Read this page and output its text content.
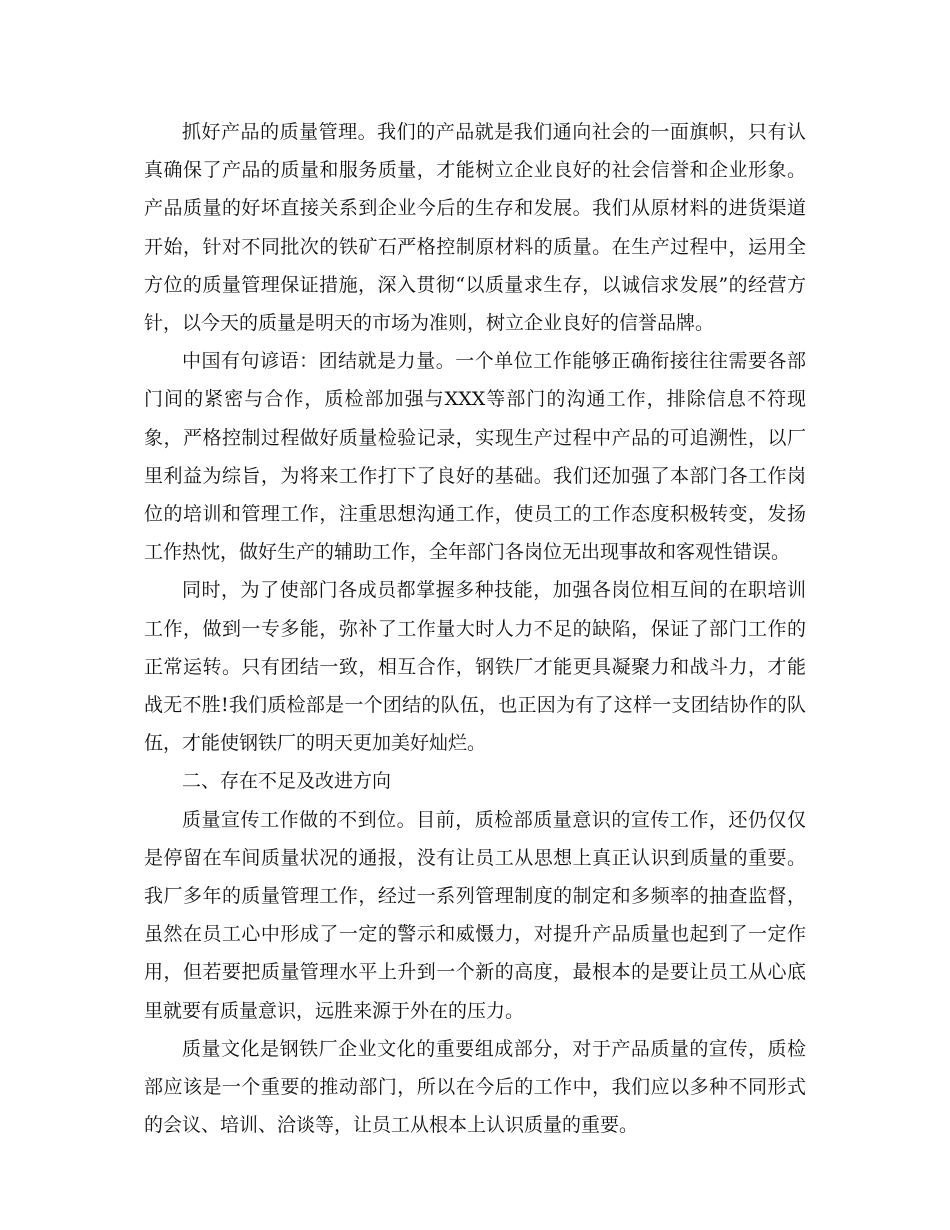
抓好产品的质量管理。我们的产品就是我们通向社会的一面旗帜，只有认真确保了产品的质量和服务质量，才能树立企业良好的社会信誉和企业形象。产品质量的好坏直接关系到企业今后的生存和发展。我们从原材料的进货渠道开始，针对不同批次的铁矿石严格控制原材料的质量。在生产过程中，运用全方位的质量管理保证措施，深入贯彻“以质量求生存，以诚信求发展”的经营方针，以今天的质量是明天的市场为准则，树立企业良好的信誉品牌。

中国有句谚语：团结就是力量。一个单位工作能够正确衔接往往需要各部门间的紧密与合作，质检部加强与XXX等部门的沟通工作，排除信息不符现象，严格控制过程做好质量检验记录，实现生产过程中产品的可追溯性，以厂里利益为综旨，为将来工作打下了良好的基础。我们还加强了本部门各工作岗位的培训和管理工作，注重思想沟通工作，使员工的工作态度积极转变，发扬工作热忱，做好生产的辅助工作，全年部门各岗位无出现事故和客观性错误。

同时，为了使部门各成员都掌握多种技能，加强各岗位相互间的在职培训工作，做到一专多能，弥补了工作量大时人力不足的缺陷，保证了部门工作的正常运转。只有团结一致，相互合作，钢铁厂才能更具凝聚力和战斗力，才能战无不胜!我们质检部是一个团结的队伍，也正因为有了这样一支团结协作的队伍，才能使钢铁厂的明天更加美好灿烂。

二、存在不足及改进方向

质量宣传工作做的不到位。目前，质检部质量意识的宣传工作，还仍仅仅是停留在车间质量状况的通报，没有让员工从思想上真正认识到质量的重要。我厂多年的质量管理工作，经过一系列管理制度的制定和多频率的抽查监督，虽然在员工心中形成了一定的警示和威慑力，对提升产品质量也起到了一定作用，但若要把质量管理水平上升到一个新的高度，最根本的是要让员工从心底里就要有质量意识，远胜来源于外在的压力。

质量文化是钢铁厂企业文化的重要组成部分，对于产品质量的宣传，质检部应该是一个重要的推动部门，所以在今后的工作中，我们应以多种不同形式的会议、培训、洽谈等，让员工从根本上认识质量的重要。
